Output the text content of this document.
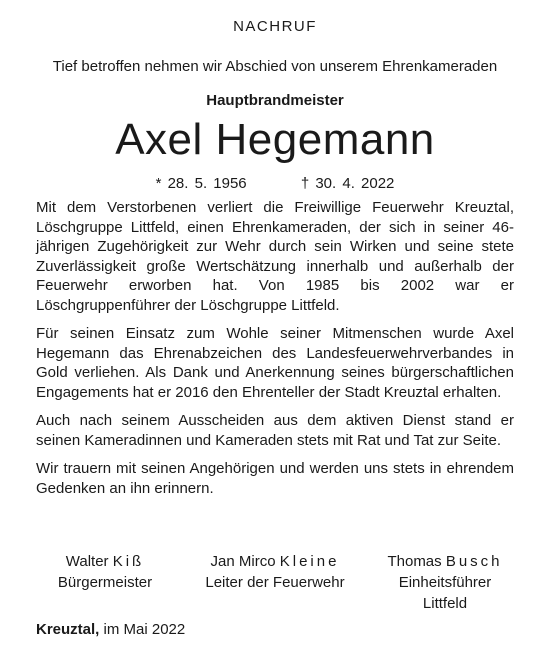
NACHRUF
Tief betroffen nehmen wir Abschied von unserem Ehrenkameraden
Hauptbrandmeister
Axel Hegemann
* 28. 5. 1956	† 30. 4. 2022

Mit dem Verstorbenen verliert die Freiwillige Feuerwehr Kreuztal, Löschgruppe Littfeld, einen Ehrenkameraden, der sich in seiner 46-jährigen Zugehörigkeit zur Wehr durch sein Wirken und seine stete Zuverlässigkeit große Wertschätzung innerhalb und außerhalb der Feuerwehr erworben hat. Von 1985 bis 2002 war er Löschgruppenführer der Löschgruppe Littfeld.

Für seinen Einsatz zum Wohle seiner Mitmenschen wurde Axel Hegemann das Ehrenabzeichen des Landesfeuerwehrverbandes in Gold verliehen. Als Dank und Anerkennung seines bürgerschaftlichen Engagements hat er 2016 den Ehrenteller der Stadt Kreuztal erhalten.

Auch nach seinem Ausscheiden aus dem aktiven Dienst stand er seinen Kameradinnen und Kameraden stets mit Rat und Tat zur Seite.

Wir trauern mit seinen Angehörigen und werden uns stets in ehrendem Gedenken an ihn erinnern.

Walter Kiß
Bürgermeister
Jan Mirco Kleine
Leiter der Feuerwehr
Thomas Busch
Einheitsführer
Littfeld
Kreuztal, im Mai 2022
